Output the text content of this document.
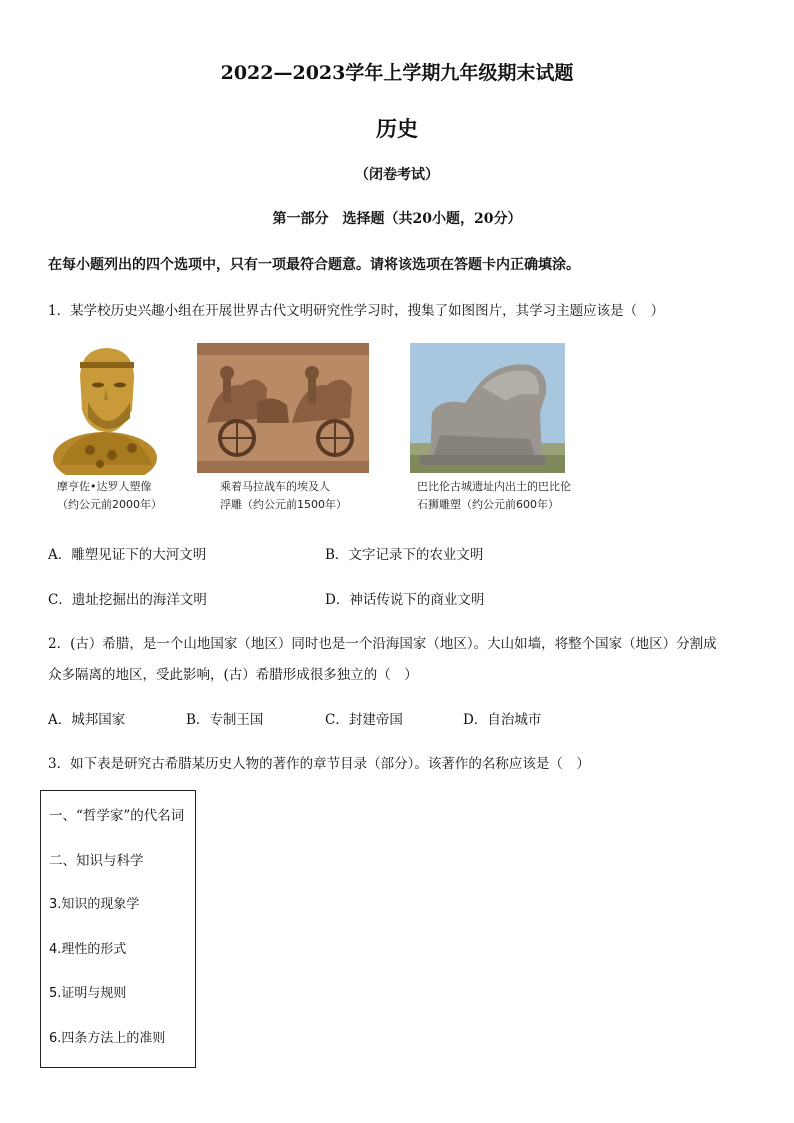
2022—2023学年上学期九年级期末试题
历史
（闭卷考试）
第一部分　选择题（共20小题，20分）
在每小题列出的四个选项中，只有一项最符合题意。请将该选项在答题卡内正确填涂。
1．某学校历史兴趣小组在开展世界古代文明研究性学习时，搜集了如图图片，其学习主题应该是（　）
摩亨佐•达罗人塑像
（约公元前2000年）
乘着马拉战车的埃及人
浮雕（约公元前1500年）
巴比伦古城遗址内出土的巴比伦
石狮雕塑（约公元前600年）
A．雕塑见证下的大河文明	B．文字记录下的农业文明
C．遗址挖掘出的海洋文明	D．神话传说下的商业文明
2．(古）希腊，是一个山地国家（地区）同时也是一个沿海国家（地区）。大山如墙，将整个国家（地区）分割成
众多隔离的地区，受此影响，(古）希腊形成很多独立的（　）
A．城邦国家	B．专制王国	C．封建帝国	D．自治城市
3．如下表是研究古希腊某历史人物的著作的章节目录（部分）。该著作的名称应该是（　）
一、“哲学家”的代名词
二、知识与科学
3.知识的现象学
4.理性的形式
5.证明与规则
6.四条方法上的准则
